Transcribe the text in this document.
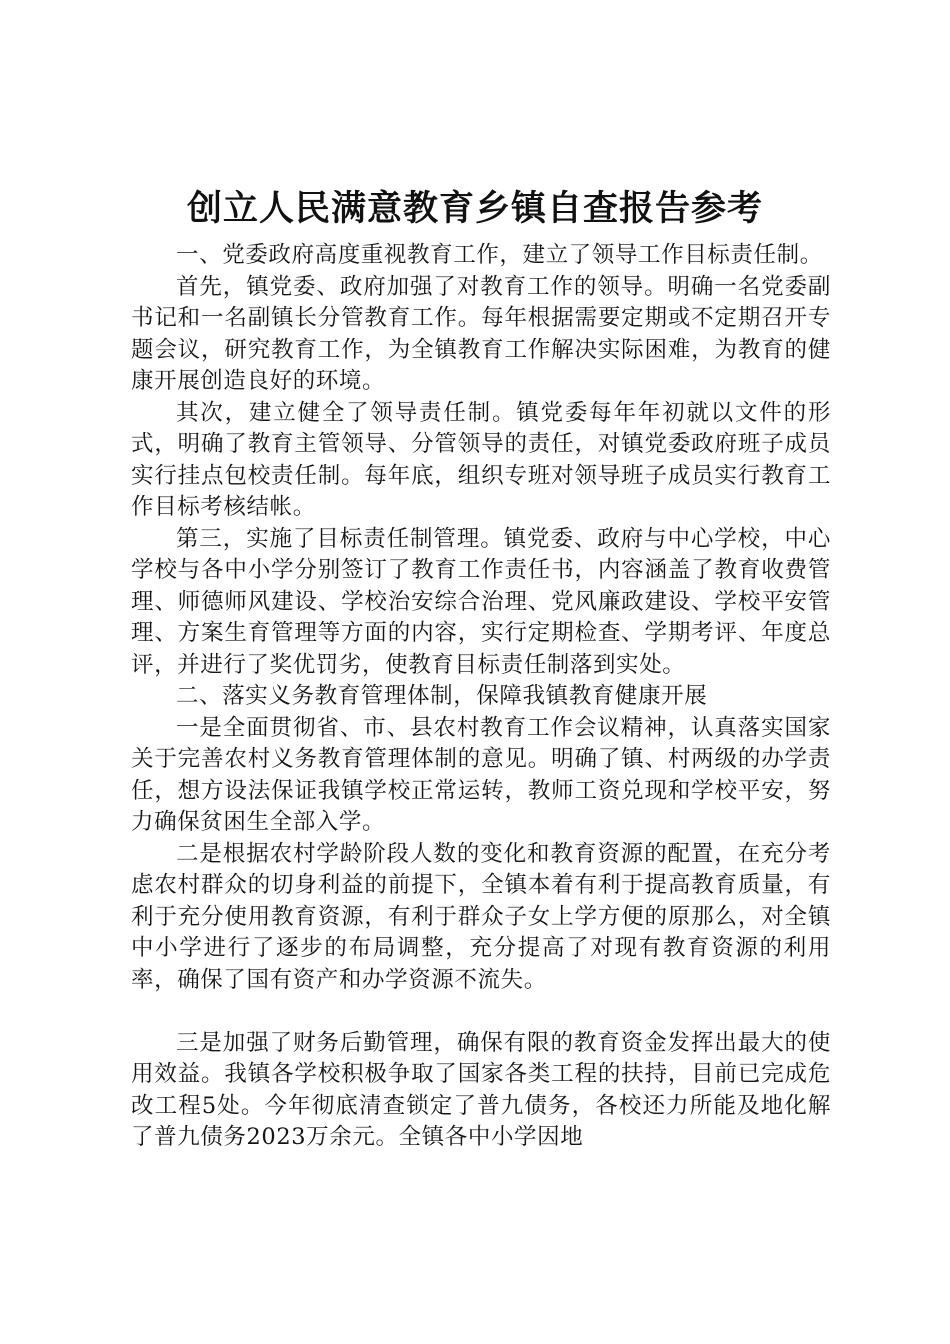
创立人民满意教育乡镇自查报告参考

一、党委政府高度重视教育工作，建立了领导工作目标责任制。

首先，镇党委、政府加强了对教育工作的领导。明确一名党委副书记和一名副镇长分管教育工作。每年根据需要定期或不定期召开专题会议，研究教育工作，为全镇教育工作解决实际困难，为教育的健康开展创造良好的环境。

其次，建立健全了领导责任制。镇党委每年年初就以文件的形式，明确了教育主管领导、分管领导的责任，对镇党委政府班子成员实行挂点包校责任制。每年底，组织专班对领导班子成员实行教育工作目标考核结帐。

第三，实施了目标责任制管理。镇党委、政府与中心学校，中心学校与各中小学分别签订了教育工作责任书，内容涵盖了教育收费管理、师德师风建设、学校治安综合治理、党风廉政建设、学校平安管理、方案生育管理等方面的内容，实行定期检查、学期考评、年度总评，并进行了奖优罚劣，使教育目标责任制落到实处。

二、落实义务教育管理体制，保障我镇教育健康开展

一是全面贯彻省、市、县农村教育工作会议精神，认真落实国家关于完善农村义务教育管理体制的意见。明确了镇、村两级的办学责任，想方设法保证我镇学校正常运转，教师工资兑现和学校平安，努力确保贫困生全部入学。

二是根据农村学龄阶段人数的变化和教育资源的配置，在充分考虑农村群众的切身利益的前提下，全镇本着有利于提高教育质量，有利于充分使用教育资源，有利于群众子女上学方便的原那么，对全镇中小学进行了逐步的布局调整，充分提高了对现有教育资源的利用率，确保了国有资产和办学资源不流失。

三是加强了财务后勤管理，确保有限的教育资金发挥出最大的使用效益。我镇各学校积极争取了国家各类工程的扶持，目前已完成危改工程5处。今年彻底清查锁定了普九债务，各校还力所能及地化解了普九债务2023万余元。全镇各中小学因地
